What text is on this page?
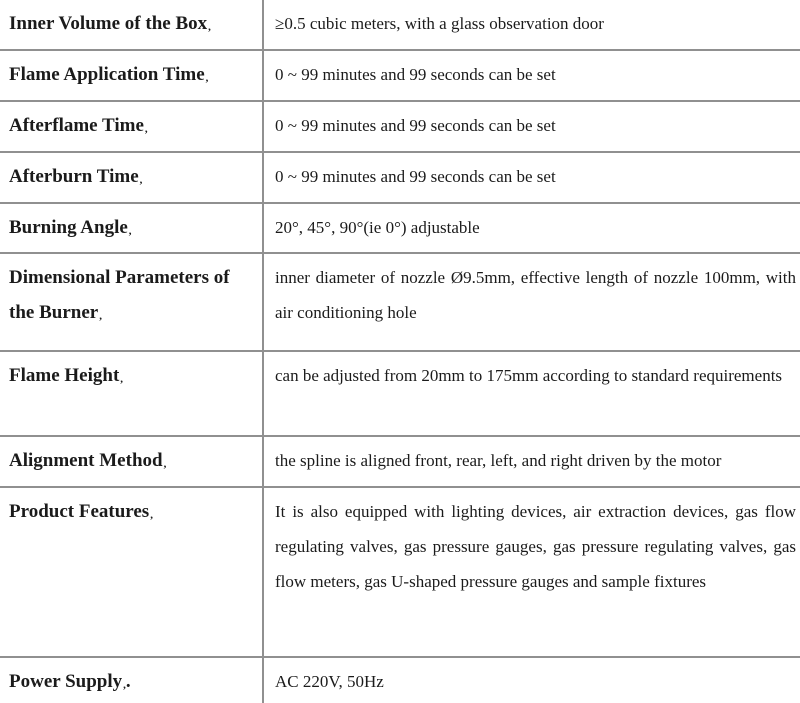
Inner Volume of the Box,	≥0.5 cubic meters, with a glass observation door
Flame Application Time,	0 ~ 99 minutes and 99 seconds can be set
Afterflame Time,	0 ~ 99 minutes and 99 seconds can be set
Afterburn Time,	0 ~ 99 minutes and 99 seconds can be set
Burning Angle,	20°, 45°, 90°(ie 0°) adjustable
Dimensional Parameters of the Burner,	inner diameter of nozzle Ø9.5mm, effective length of nozzle 100mm, with air conditioning hole
Flame Height,	can be adjusted from 20mm to 175mm according to standard requirements
Alignment Method,	the spline is aligned front, rear, left, and right driven by the motor
Product Features,	It is also equipped with lighting devices, air extraction devices, gas flow regulating valves, gas pressure gauges, gas pressure regulating valves, gas flow meters, gas U-shaped pressure gauges and sample fixtures
Power Supply,.	AC 220V, 50Hz
